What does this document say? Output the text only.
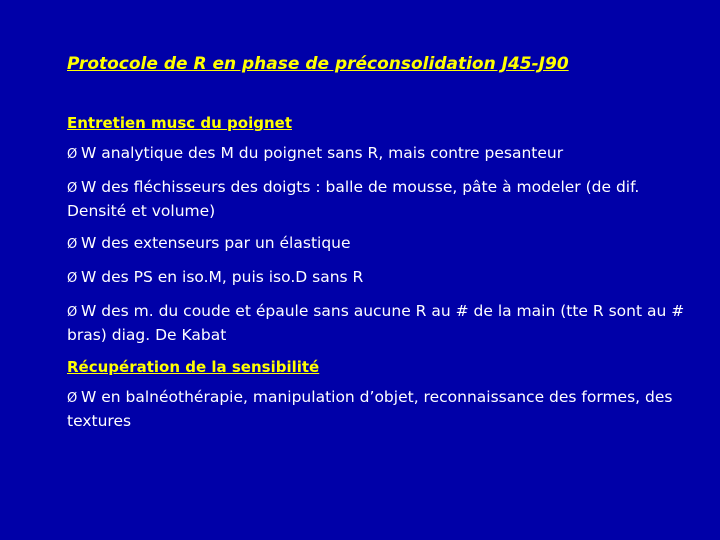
Protocole de R en phase de préconsolidation J45-J90
Entretien musc du poignet
Ø W analytique des M du poignet sans R, mais contre pesanteur
Ø W des fléchisseurs des doigts : balle de mousse, pâte à modeler (de dif. Densité et volume)
Ø W des extenseurs par un élastique
Ø W des PS en iso.M, puis iso.D sans R
Ø W des m. du coude et épaule sans aucune R au # de la main (tte R sont au # bras) diag. De Kabat
Récupération de la sensibilité
Ø W en balnéothérapie, manipulation d’objet, reconnaissance des formes, des textures
